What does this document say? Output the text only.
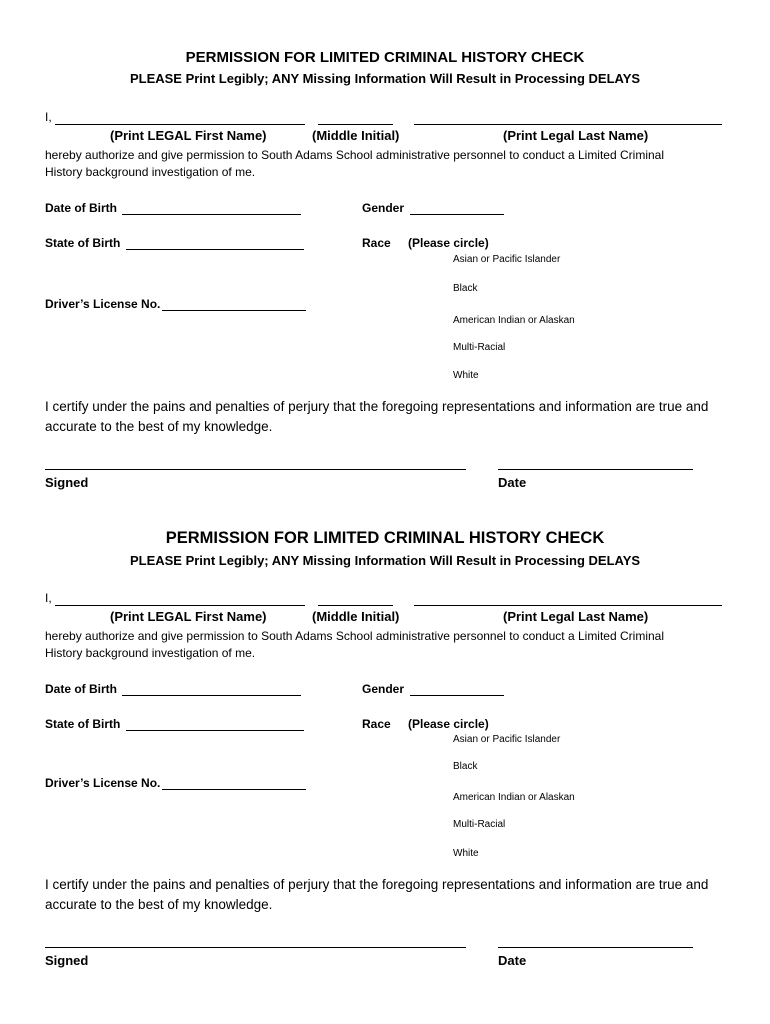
PERMISSION FOR LIMITED CRIMINAL HISTORY CHECK
PLEASE Print Legibly; ANY Missing Information Will Result in Processing DELAYS
I,
(Print LEGAL First Name)	(Middle Initial)	(Print Legal Last Name)
hereby authorize and give permission to South Adams School administrative personnel to conduct a Limited Criminal
History background investigation of me.
Date of Birth	Gender
State of Birth	Race (Please circle)
Asian or Pacific Islander
Black
American Indian or Alaskan
Multi-Racial
White
Driver’s License No.
I certify under the pains and penalties of perjury that the foregoing representations and information are true and accurate to the best of my knowledge.
Signed	Date
PERMISSION FOR LIMITED CRIMINAL HISTORY CHECK
PLEASE Print Legibly; ANY Missing Information Will Result in Processing DELAYS
I,
(Print LEGAL First Name)	(Middle Initial)	(Print Legal Last Name)
hereby authorize and give permission to South Adams School administrative personnel to conduct a Limited Criminal
History background investigation of me.
Date of Birth	Gender
State of Birth	Race (Please circle)
Asian or Pacific Islander
Black
American Indian or Alaskan
Multi-Racial
White
Driver’s License No.
I certify under the pains and penalties of perjury that the foregoing representations and information are true and accurate to the best of my knowledge.
Signed	Date
